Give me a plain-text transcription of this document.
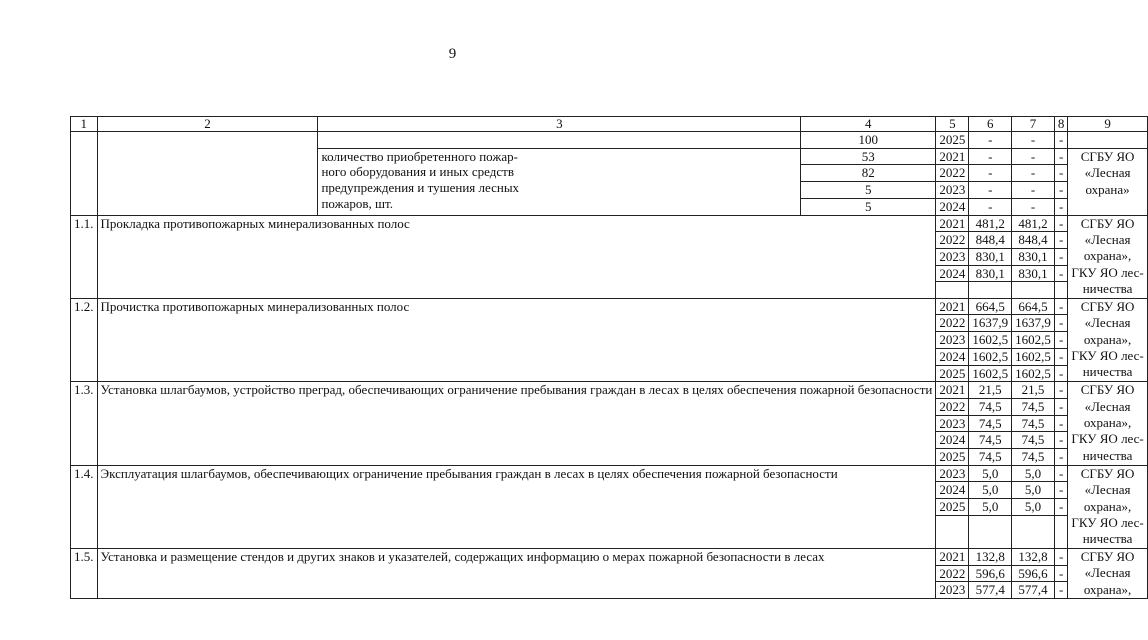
9
1	2	3	4	5	6	7	8	9
			100	2025	-	-	-	

		количество приобретенного пожар-
ного оборудования и иных средств
предупреждения и тушения лесных
пожаров, шт.	53	2021	-	-	-	СГБУ ЯО
«Лесная
охрана»

			82	2022	-	-	-	
			5	2023	-	-	-	
			5	2024	-	-	-	
1.1.	Прокладка противопожарных минерализованных полос			2021	481,2	481,2	-	СГБУ ЯО
«Лесная
охрана»,
ГКУ ЯО лес-
ничества

				2022	848,4	848,4	-	
				2023	830,1	830,1	-	
				2024	830,1	830,1	-	

1.2.	Прочистка противопожарных минерализованных полос			2021	664,5	664,5	-	СГБУ ЯО
«Лесная
охрана»,
ГКУ ЯО лес-
ничества

				2022	1637,9	1637,9	-	
				2023	1602,5	1602,5	-	
				2024	1602,5	1602,5	-	
				2025	1602,5	1602,5	-	
1.3.	Установка шлагбаумов, устройство преград, обеспечивающих ограничение пребывания граждан в лесах в целях обеспечения пожарной безопасности			2021	21,5	21,5	-	СГБУ ЯО
«Лесная
охрана»,
ГКУ ЯО лес-
ничества

				2022	74,5	74,5	-	
				2023	74,5	74,5	-	
				2024	74,5	74,5	-	
				2025	74,5	74,5	-	
1.4.	Эксплуатация шлагбаумов, обеспечивающих ограничение пребывания граждан в лесах в целях обеспечения пожарной безопасности			2023	5,0	5,0	-	СГБУ ЯО
«Лесная
охрана»,
ГКУ ЯО лес-
ничества

				2024	5,0	5,0	-	
				2025	5,0	5,0	-	

1.5.	Установка и размещение стендов и других знаков и указателей, содержащих информацию о мерах пожарной безопасности в лесах			2021	132,8	132,8	-	СГБУ ЯО
«Лесная
охрана»,

				2022	596,6	596,6	-	
				2023	577,4	577,4	-	
